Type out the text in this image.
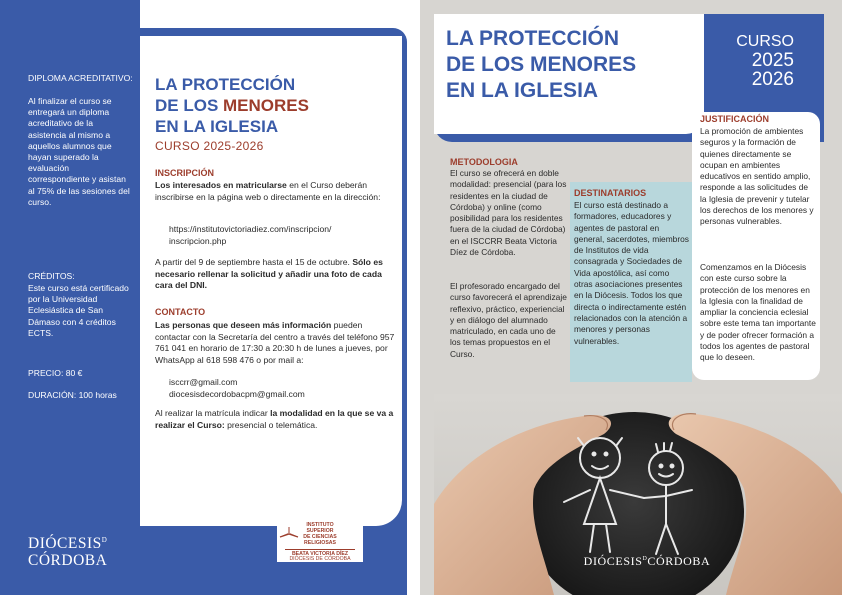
DIPLOMA ACREDITATIVO:
Al finalizar el curso se entregará un diploma acreditativo de la asistencia al mismo a aquellos alumnos que hayan superado la evaluación correspondiente y asistan al 75% de las sesiones del curso.
CRÉDITOS:
Este curso está certificado por la Universidad Eclesiástica de San Dámaso con 4 créditos ECTS.
PRECIO: 80 €
DURACIÓN: 100 horas
$DIÓCESIS^D$
CÓRDOBA
LA PROTECCIÓN
DE LOS MENORES
EN LA IGLESIA
CURSO 2025-2026
INSCRIPCIÓN
Los interesados en matricularse en el Curso deberán inscribirse en la página web o directamente en la dirección:
https://institutovictoriadiez.com/inscripcion/ inscripcion.php
A partir del 9 de septiembre hasta el 15 de octubre. Sólo es necesario rellenar la solicitud y añadir una foto de cada cara del DNI.
CONTACTO
Las personas que deseen más información pueden contactar con la Secretaría del centro a través del teléfono 957 761 041 en horario de 17:30 a 20:30 h de lunes a jueves, por WhatsApp al 618 598 476 o por mail a:
isccrr@gmail.com
diocesisdecordobacpm@gmail.com
Al realizar la matrícula indicar la modalidad en la que se va a realizar el Curso: presencial o telemática.
INSTITUTO
SUPERIOR
DE CIENCIAS
RELIGIOSAS
BEATA VICTORIA DÍEZ
DIÓCESIS DE CÓRDOBA
LA PROTECCIÓN
DE LOS MENORES
EN LA IGLESIA
CURSO
2025
2026
METODOLOGIA
El curso se ofrecerá en doble modalidad: presencial (para los residentes en la ciudad de Córdoba) y online (como posibilidad para los residentes fuera de la ciudad de Córdoba) en el ISCCRR Beata Victoria Díez de Córdoba.
El profesorado encargado del curso favorecerá el aprendizaje reflexivo, práctico, experiencial y en diálogo del alumnado matriculado, en cada uno de los temas propuestos en el Curso.
DESTINATARIOS
El curso está destinado a formadores, educadores y agentes de pastoral en general, sacerdotes, miembros de Institutos de vida consagrada y Sociedades de Vida apostólica, así como otras asociaciones presentes en la Diócesis. Todos los que directa o indirectamente estén relacionados con la atención a menores y personas vulnerables.
JUSTIFICACIÓN
La promoción de ambientes seguros y la formación de quienes directamente se ocupan en ambientes educativos en sentido amplio, responde a las solicitudes de la Iglesia de prevenir y tutelar los derechos de los menores y personas vulnerables.
Comenzamos en la Diócesis con este curso sobre la protección de los menores en la Iglesia con la finalidad de ampliar la conciencia eclesial sobre este tema tan importante y de poder ofrecer formación a todos los agentes de pastoral que lo deseen.
$DIÓCESIS^DCÓRDOBA$
